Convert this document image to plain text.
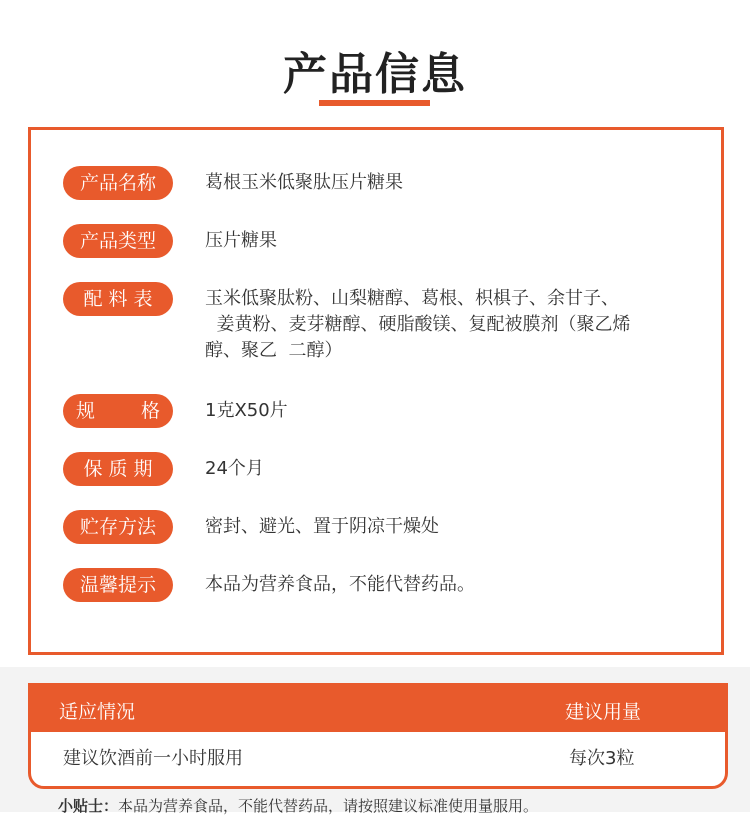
产品信息
产品名称	葛根玉米低聚肽压片糖果
产品类型	压片糖果
配 料 表	玉米低聚肽粉、山梨糖醇、葛根、枳椇子、余甘子、
姜黄粉、麦芽糖醇、硬脂酸镁、复配被膜剂（聚乙烯
醇、聚乙  二醇）
规 格	1克X50片
保 质 期	24个月
贮存方法	密封、避光、置于阴凉干燥处
温馨提示	本品为营养食品，不能代替药品。
适应情况	建议用量
建议饮酒前一小时服用	每次3粒
小贴士：本品为营养食品，不能代替药品，请按照建议标准使用量服用。
